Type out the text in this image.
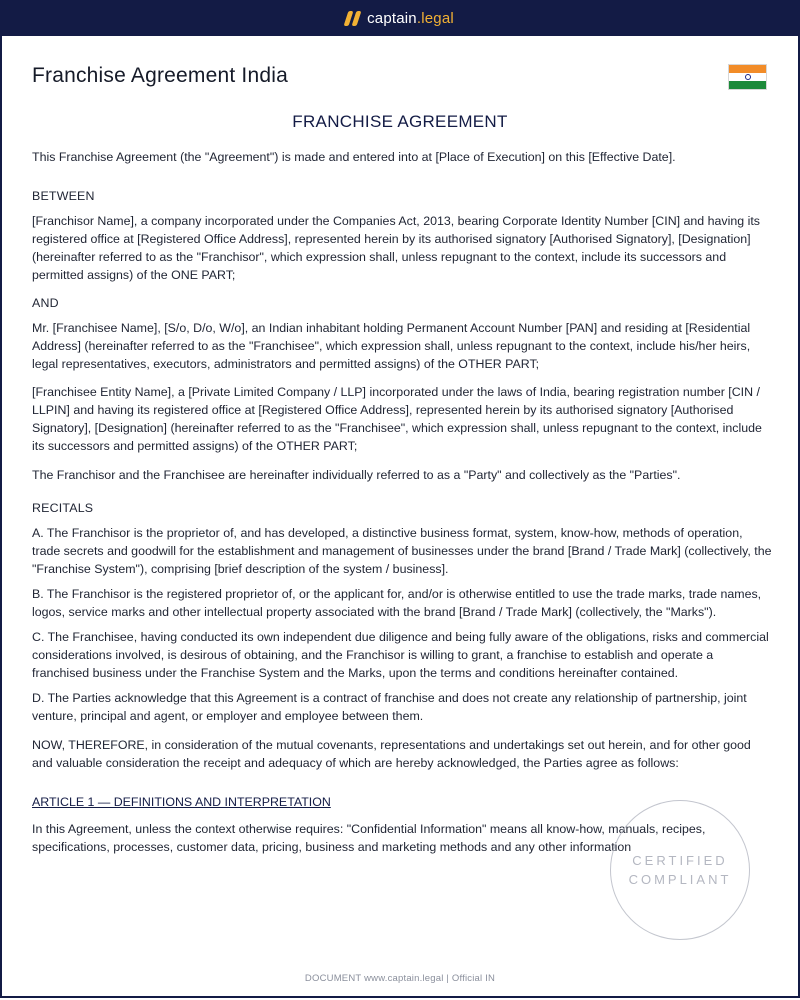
captain.legal
Franchise Agreement India
FRANCHISE AGREEMENT

This Franchise Agreement (the "Agreement") is made and entered into at [Place of Execution] on this [Effective Date].

BETWEEN

[Franchisor Name], a company incorporated under the Companies Act, 2013, bearing Corporate Identity Number [CIN] and having its registered office at [Registered Office Address], represented herein by its authorised signatory [Authorised Signatory], [Designation] (hereinafter referred to as the "Franchisor", which expression shall, unless repugnant to the context, include its successors and permitted assigns) of the ONE PART;

AND

Mr. [Franchisee Name], [S/o, D/o, W/o], an Indian inhabitant holding Permanent Account Number [PAN] and residing at [Residential Address] (hereinafter referred to as the "Franchisee", which expression shall, unless repugnant to the context, include his/her heirs, legal representatives, executors, administrators and permitted assigns) of the OTHER PART;

[Franchisee Entity Name], a [Private Limited Company / LLP] incorporated under the laws of India, bearing registration number [CIN / LLPIN] and having its registered office at [Registered Office Address], represented herein by its authorised signatory [Authorised Signatory], [Designation] (hereinafter referred to as the "Franchisee", which expression shall, unless repugnant to the context, include its successors and permitted assigns) of the OTHER PART;

The Franchisor and the Franchisee are hereinafter individually referred to as a "Party" and collectively as the "Parties".

RECITALS

A. The Franchisor is the proprietor of, and has developed, a distinctive business format, system, know-how, methods of operation, trade secrets and goodwill for the establishment and management of businesses under the brand [Brand / Trade Mark] (collectively, the "Franchise System"), comprising [brief description of the system / business].

B. The Franchisor is the registered proprietor of, or the applicant for, and/or is otherwise entitled to use the trade marks, trade names, logos, service marks and other intellectual property associated with the brand [Brand / Trade Mark] (collectively, the "Marks").

C. The Franchisee, having conducted its own independent due diligence and being fully aware of the obligations, risks and commercial considerations involved, is desirous of obtaining, and the Franchisor is willing to grant, a franchise to establish and operate a franchised business under the Franchise System and the Marks, upon the terms and conditions hereinafter contained.

D. The Parties acknowledge that this Agreement is a contract of franchise and does not create any relationship of partnership, joint venture, principal and agent, or employer and employee between them.

NOW, THEREFORE, in consideration of the mutual covenants, representations and undertakings set out herein, and for other good and valuable consideration the receipt and adequacy of which are hereby acknowledged, the Parties agree as follows:

ARTICLE 1 — DEFINITIONS AND INTERPRETATION

In this Agreement, unless the context otherwise requires: "Confidential Information" means all know-how, manuals, recipes, specifications, processes, customer data, pricing, business and marketing methods and any other information

CERTIFIED
COMPLIANT
DOCUMENT www.captain.legal | Official IN
